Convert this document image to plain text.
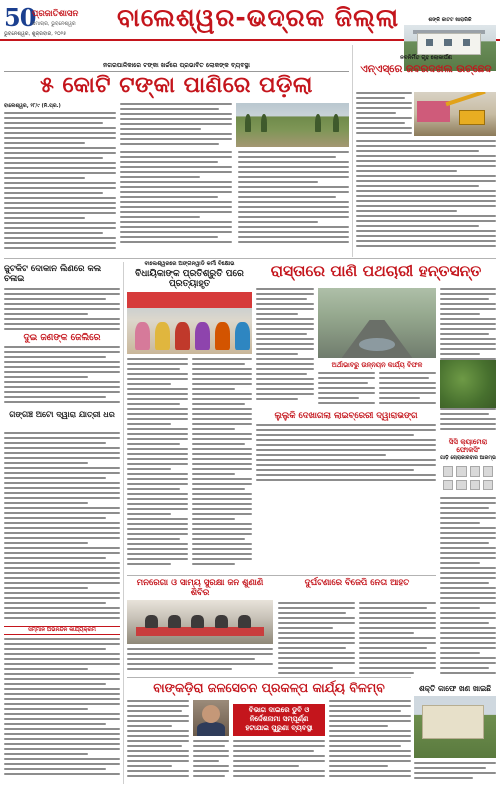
50
ପ୍ରଜାତିଶାସନ
ସମାଚାର, ଭୁବନେଶ୍ୱର
ଭୁବନେଶ୍ୱର, ଶୁକ୍ରବାର, ୨୦୨୫
ବାଲେଶ୍ୱର-ଭଦ୍ରକ ଜିଲ୍ଲା	ଶଙ୍କି କାଟଟ ଖାରାରିକି
ନବନିର୍ମିତ ଗୃହ ଲୋକାର୍ପଣ
ଏନ୍‌ଏସ୍‌ରେ ଜବରଦଖଲ ଉଚ୍ଛେଦ
ନଗରପାଳିକାରେ ଟଙ୍କା ଖର୍ଚ୍ଚରେ ପ୍ରଭାବିତ ଲୋକଙ୍କ ବ୍ୟବସ୍ଥା
୫ କୋଟି ଟଙ୍କା ପାଣିରେ ପଡ଼ିଲା
ବାଲେଶ୍ୱର, ୨୮/୯ (ନି.ପ୍ର.)
ଜୁଟକିଟ ଦୋକାନ ଲିଣରେ କଲ ଚଳାଇ
ଦୁଇ ଜଣଙ୍କ ଜେଲିରେ
ଗଙ୍ଗଞ୍ଚ ଅଟୋ ଦ୍ୱାରା ଯାତ୍ରୀ ଧର
ସମ୍ମାନ ଅଭିନନ୍ଦନ କାର୍ଯ୍ୟକ୍ରମ
ବାଲେଶ୍ୱରରେ ଅଙ୍ଗନୱାଡି କର୍ମୀ ବିକ୍ଷୋଭ
ବିଧାୟିକାଙ୍କ ପ୍ରତିଶ୍ରୁତି ପରେ ପ୍ରତ୍ୟାହୃତ
ରାସ୍ତାରେ ପାଣି ପଥଚାରୀ ହନ୍ତସନ୍ତ
ଅର୍ଥାଭାବରୁ ଉନ୍ନୟନ କାର୍ଯ୍ୟ ବିଫଳ
ଲୁଲୁକି ଦେଖାଗଲା ଲାଇବ୍ରେରୀ ଦ୍ୱାରାଭଙ୍ଗ
ସିସି କ୍ୟାମେରା ଫୋକସିଂ
ଗାଡ଼ି ଚୋରାକାରବାର ଆରମ୍ଭ
ଶକ୍ତି କାଫେ ଖଣ ଖାଇଛି
ମନରେଗା ଓ ସାମ୍ୟ ସୁରକ୍ଷା ଜନ ଶୁଣାଣି ଶିବିର
ଦୁର୍ଘଟଣାରେ ବିଜେପି ନେତା ଆହତ
ବାଙ୍କଡ଼ିରା ଜଳସେଚନ ପ୍ରକଳ୍ପ କାର୍ଯ୍ୟ ବିଳମ୍ବ
ବିଭାଗ ଦାଇରେ ଡୁବି ଓ
ନିର୍ଦ୍ଦେଶନାମା ସମ୍ପୂର୍ଣ୍ଣ
ହଟାଯାଇ ପୁରୁଣା ବ୍ୟବସ୍ଥା
